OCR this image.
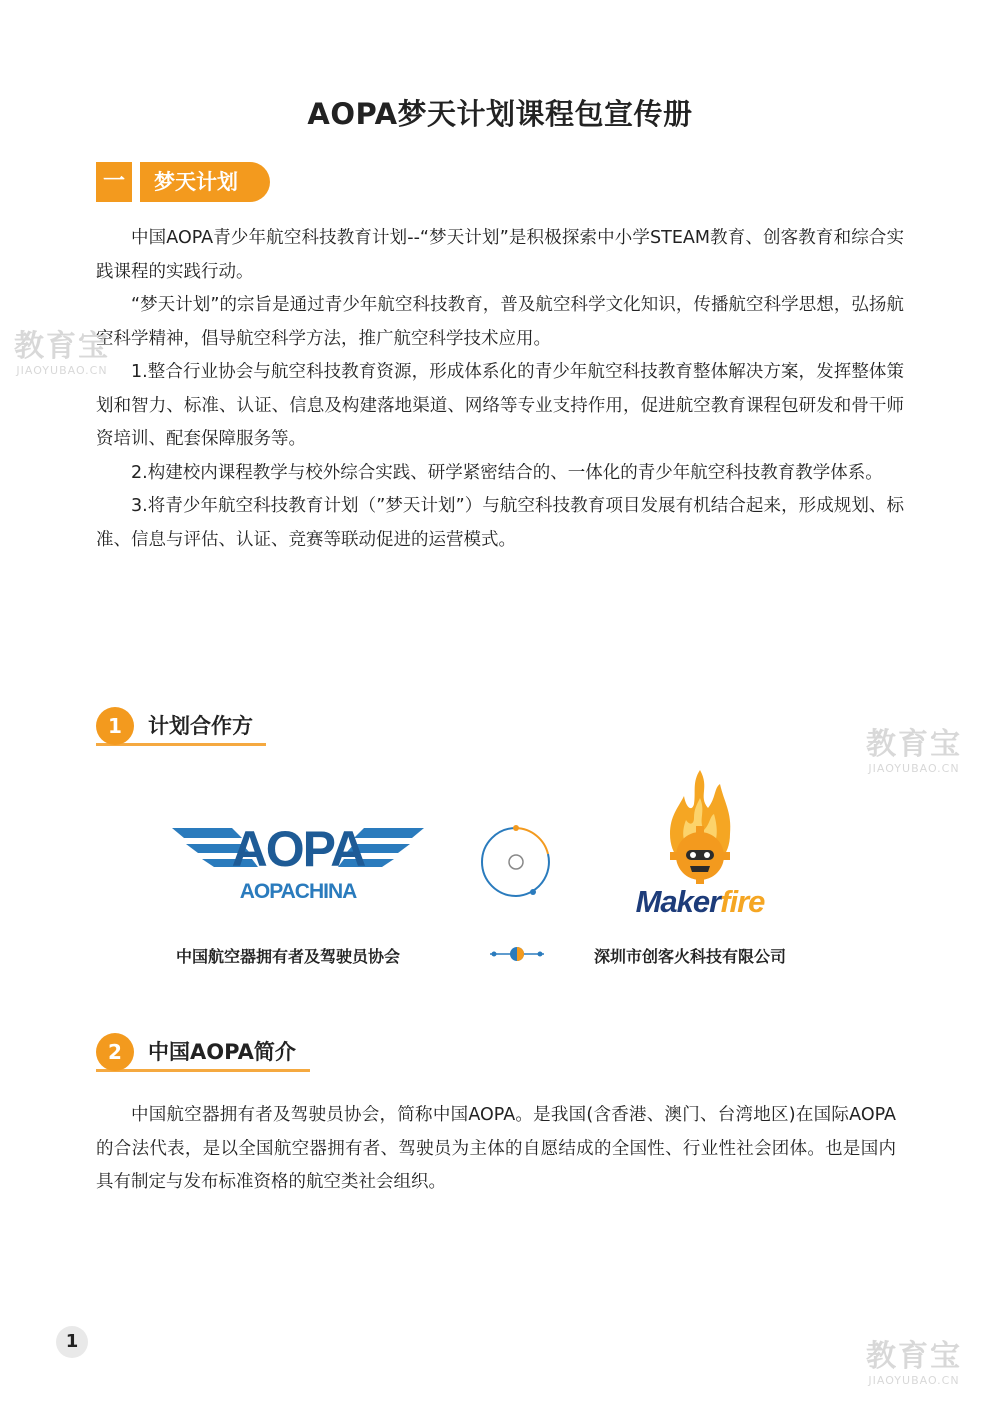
AOPA梦天计划课程包宣传册
一	梦天计划

中国AOPA青少年航空科技教育计划--“梦天计划”是积极探索中小学STEAM教育、创客教育和综合实践课程的实践行动。

“梦天计划”的宗旨是通过青少年航空科技教育，普及航空科学文化知识，传播航空科学思想，弘扬航空科学精神，倡导航空科学方法，推广航空科学技术应用。

1.整合行业协会与航空科技教育资源，形成体系化的青少年航空科技教育整体解决方案，发挥整体策划和智力、标准、认证、信息及构建落地渠道、网络等专业支持作用，促进航空教育课程包研发和骨干师资培训、配套保障服务等。

2.构建校内课程教学与校外综合实践、研学紧密结合的、一体化的青少年航空科技教育教学体系。

3.将青少年航空科技教育计划（”梦天计划”）与航空科技教育项目发展有机结合起来，形成规划、标准、信息与评估、认证、竞赛等联动促进的运营模式。

1	计划合作方
AOPA
AOPACHINA	Makerfire
中国航空器拥有者及驾驶员协会	深圳市创客火科技有限公司
2	中国AOPA简介

中国航空器拥有者及驾驶员协会，简称中国AOPA。是我国(含香港、澳门、台湾地区)在国际AOPA的合法代表，是以全国航空器拥有者、驾驶员为主体的自愿结成的全国性、行业性社会团体。也是国内具有制定与发布标准资格的航空类社会组织。

1
教育宝
JIAOYUBAO.CN
教育宝
JIAOYUBAO.CN
教育宝
JIAOYUBAO.CN
